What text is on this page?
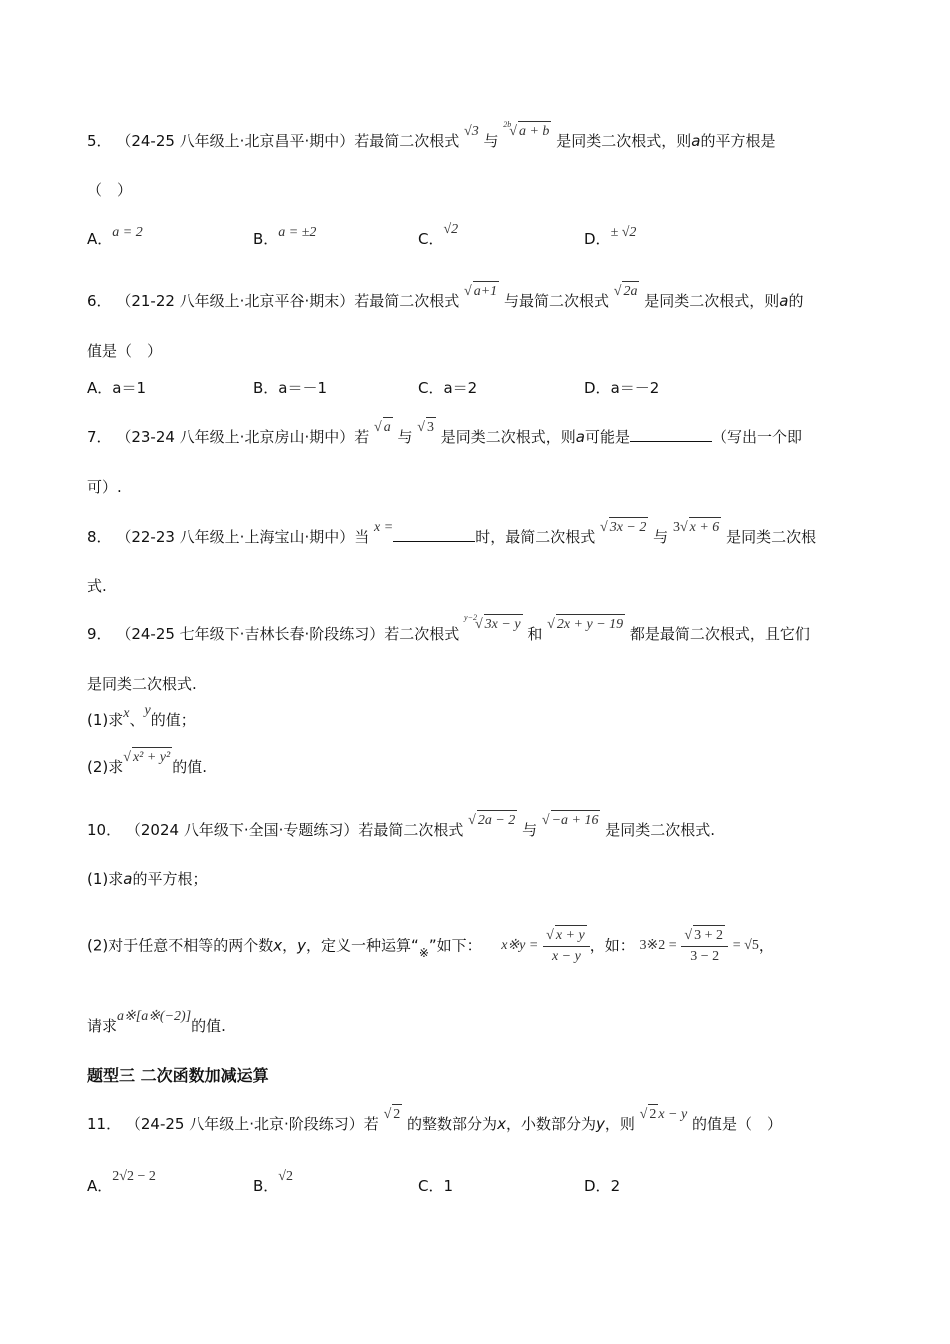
5． （24-25 八年级上·北京昌平·期中）若最简二次根式 √3 与 $^{2b}$√ a + b 是同类二次根式，则a的平方根是
（　）
A．a = 2	B．a = ±2	C．√2
D．± √2
6． （21-22 八年级上·北京平谷·期末）若最简二次根式 √ a+1 与最简二次根式 √ 2a 是同类二次根式，则a的
值是（　）
A．a＝1	B．a＝－1	C．a＝2	D．a＝－2
7． （23-24 八年级上·北京房山·期中）若 √ a 与 √ 3 是同类二次根式，则a可能是	（写出一个即
可）.
8． （22-23 八年级上·上海宝山·期中）当 x =时，最简二次根式 √ 3x − 2 与 3√ x + 6 是同类二次根
式.
9． （24-25 七年级下·吉林长春·阶段练习）若二次根式 $^{y-2}$√ 3x − y 和 √ 2x + y − 19 都是最简二次根式，且它们
是同类二次根式.
(1)求x、y的值；
(2)求√ x² + y²的值.
10． （2024 八年级下·全国·专题练习）若最简二次根式 √ 2a − 2 与 √ −a + 16 是同类二次根式.
(1)求a的平方根；
(2)对于任意不相等的两个数x，y，定义一种运算“$_※$”如下： x※y = $\frac{√ x + y}{x - y}$ ，如： 3※2 = $\frac{√ 3 + 2}{3 - 2} = √5$，
请求a※[a※(−2)]的值.
题型三 二次函数加减运算
11． （24-25 八年级上·北京·阶段练习）若 √ 2 的整数部分为x，小数部分为y，则 √ 2 x − y 的值是（　）
A．2√2 − 2
B．√2
C．1	D．2
